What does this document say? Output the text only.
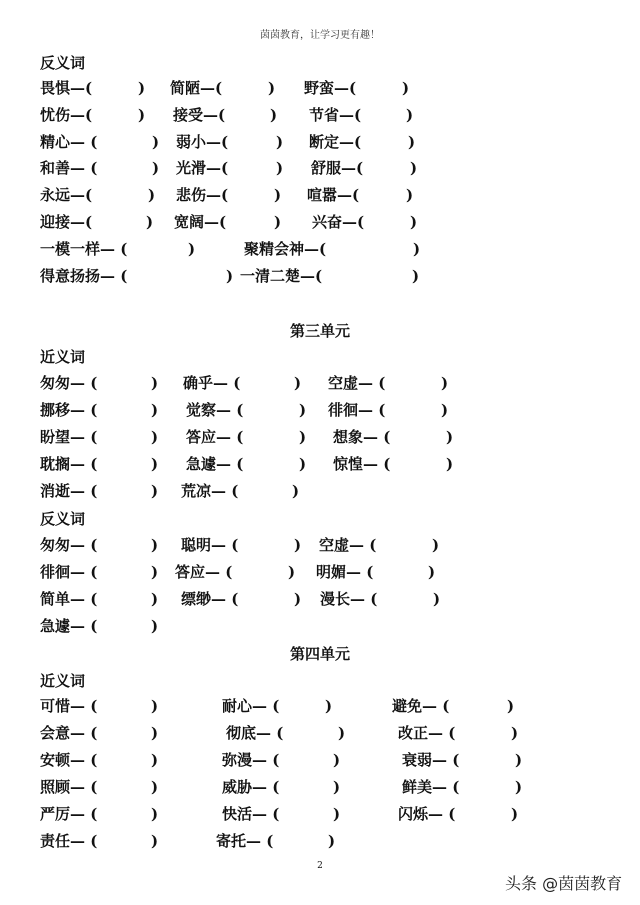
茵茵教育，让学习更有趣！
反义词
第三单元
近义词
反义词
第四单元
近义词
畏惧—(	) 简陋—(	) 野蛮—(	)
忧伤—(	) 接受—(	) 节省—(	)
精心— (	) 弱小—(	) 断定—(	)
和善— (	) 光滑—(	) 舒服—(	)
永远—(	) 悲伤—(	) 喧嚣—(	)
迎接—(	) 宽阔—(	) 兴奋—(	)
一模一样— (	)	聚精会神—(	)
得意扬扬— (	) 一清二楚—(	)
匆匆— (	) 确乎— (	) 空虚— (	)
挪移— (	) 觉察— (	) 徘徊— (	)
盼望— (	) 答应— (	) 想象— (	)
耽搁— (	) 急遽— (	) 惊惶— (	)
消逝— (	) 荒凉— (	)
匆匆— (	) 聪明— (	) 空虚— (	)
徘徊— (	) 答应— (	) 明媚— (	)
简单— (	) 缥缈— (	) 漫长— (	)
急遽— (	)
可惜— (	)	耐心— (	)	避免— (	)
会意— (	)	彻底— (	)	改正— (	)
安顿— (	)	弥漫— (	)	衰弱— (	)
照顾— (	)	威胁— (	)	鲜美— (	)
严厉— (	)	快活— (	)	闪烁— (	)
责任— (	)	寄托— (	)
2
头条 @茵茵教育
